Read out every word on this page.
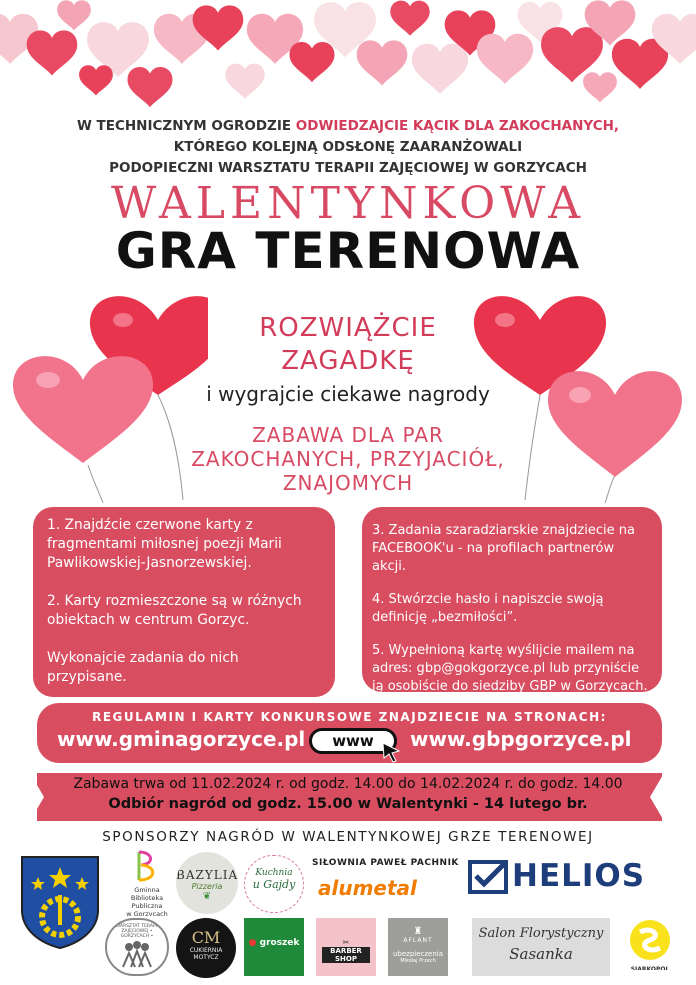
W TECHNICZNYM OGRODZIE ODWIEDZAJCIE KĄCIK DLA ZAKOCHANYCH,
KTÓREGO KOLEJNĄ ODSŁONĘ ZAARANŻOWALI
PODOPIECZNI WARSZTATU TERAPII ZAJĘCIOWEJ W GORZYCACH
WALENTYNKOWA
GRA TERENOWA
ROZWIĄŻCIE
ZAGADKĘ
i wygrajcie ciekawe nagrody
ZABAWA DLA PAR
ZAKOCHANYCH, PRZYJACIÓŁ,
ZNAJOMYCH

1. Znajdźcie czerwone karty z fragmentami miłosnej poezji Marii Pawlikowskiej-Jasnorzewskiej.

2. Karty rozmieszczone są w różnych obiektach w centrum Gorzyc.

Wykonajcie zadania do nich przypisane.

3. Zadania szaradziarskie znajdziecie na FACEBOOK'u - na profilach partnerów akcji.

4. Stwórzcie hasło i napiszcie swoją definicję „bezmiłości”.

5. Wypełnioną kartę wyślijcie mailem na adres: gbp@gokgorzyce.pl lub przyniście ją osobiście do siedziby GBP w Gorzycach.

REGULAMIN I KARTY KONKURSOWE ZNAJDZIECIE NA STRONACH:
www.gminagorzyce.pl	www	www.gbpgorzyce.pl
Zabawa trwa od 11.02.2024 r. od godz. 14.00 do 14.02.2024 r. do godz. 14.00
Odbiór nagród od godz. 15.00 w Walentynki - 14 lutego br.
SPONSORZY NAGRÓD W WALENTYNKOWEJ GRZE TERENOWEJ
Gminna Biblioteka
Publiczna
w Gorzycach
BAZYLIA
Pizzeria
❦
Kuchnia
u Gajdy
SIŁOWNIA PAWEŁ PACHNIK
alumetal	HELIOS
WARSZTAT TERAPII ZAJĘCIOWEJ • GORZYCACH •	CM
CUKIERNIA
MOTYCZ
● groszek	✂
BARBER
SHOP
♜
AFLANT
ubezpieczenia
Mikołaj Przech
Salon Florystyczny
Sasanka
SIARKOPOL
